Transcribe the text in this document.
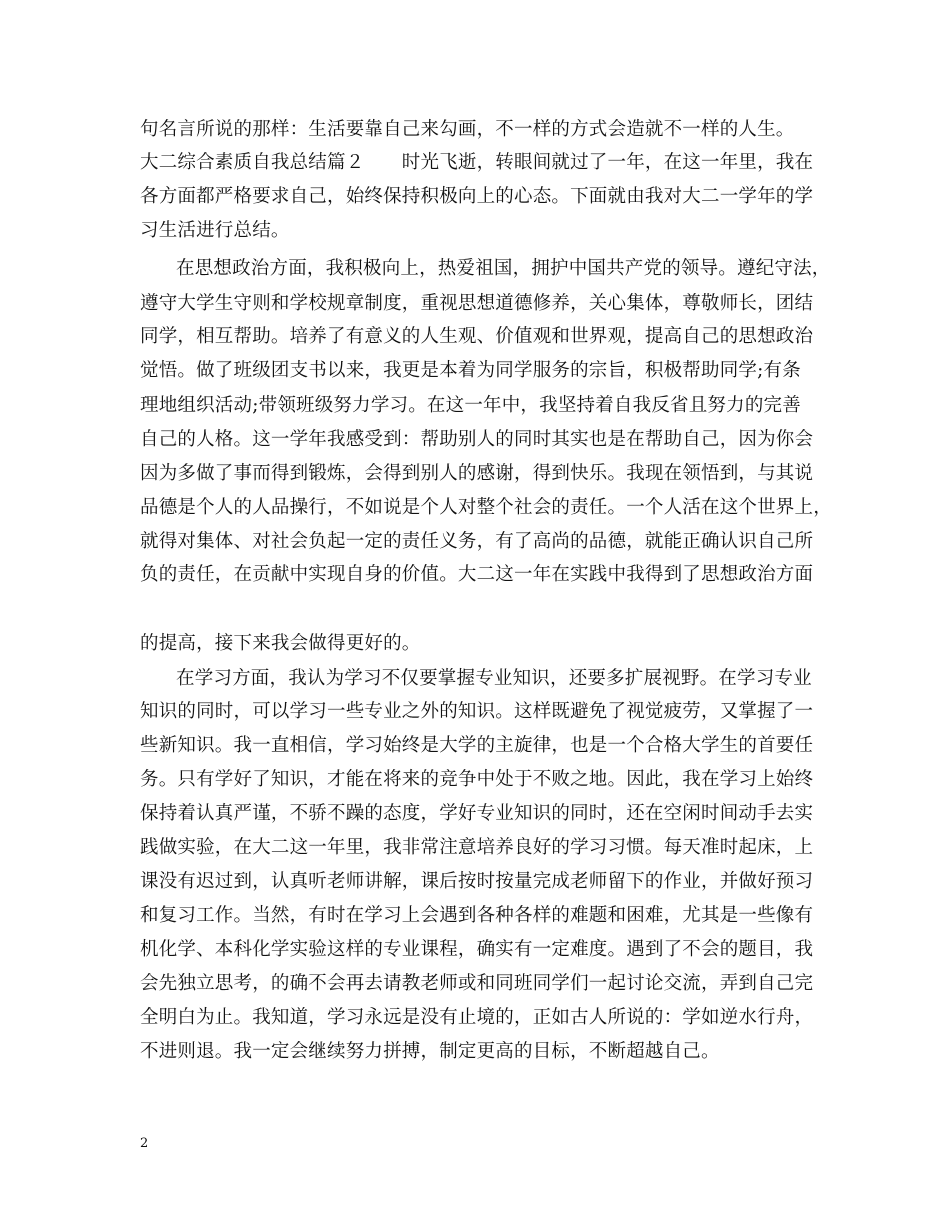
句名言所说的那样：生活要靠自己来勾画，不一样的方式会造就不一样的人生。
大二综合素质自我总结篇２　　时光飞逝，转眼间就过了一年，在这一年里，我在
各方面都严格要求自己，始终保持积极向上的心态。下面就由我对大二一学年的学
习生活进行总结。
在思想政治方面，我积极向上，热爱祖国，拥护中国共产党的领导。遵纪守法，
遵守大学生守则和学校规章制度，重视思想道德修养，关心集体，尊敬师长，团结
同学，相互帮助。培养了有意义的人生观、价值观和世界观，提高自己的思想政治
觉悟。做了班级团支书以来，我更是本着为同学服务的宗旨，积极帮助同学;有条
理地组织活动;带领班级努力学习。在这一年中，我坚持着自我反省且努力的完善
自己的人格。这一学年我感受到：帮助别人的同时其实也是在帮助自己，因为你会
因为多做了事而得到锻炼，会得到别人的感谢，得到快乐。我现在领悟到，与其说
品德是个人的人品操行，不如说是个人对整个社会的责任。一个人活在这个世界上，
就得对集体、对社会负起一定的责任义务，有了高尚的品德，就能正确认识自己所
负的责任，在贡献中实现自身的价值。大二这一年在实践中我得到了思想政治方面
的提高，接下来我会做得更好的。
在学习方面，我认为学习不仅要掌握专业知识，还要多扩展视野。在学习专业
知识的同时，可以学习一些专业之外的知识。这样既避免了视觉疲劳，又掌握了一
些新知识。我一直相信，学习始终是大学的主旋律，也是一个合格大学生的首要任
务。只有学好了知识，才能在将来的竞争中处于不败之地。因此，我在学习上始终
保持着认真严谨，不骄不躁的态度，学好专业知识的同时，还在空闲时间动手去实
践做实验，在大二这一年里，我非常注意培养良好的学习习惯。每天准时起床，上
课没有迟过到，认真听老师讲解，课后按时按量完成老师留下的作业，并做好预习
和复习工作。当然，有时在学习上会遇到各种各样的难题和困难，尤其是一些像有
机化学、本科化学实验这样的专业课程，确实有一定难度。遇到了不会的题目，我
会先独立思考，的确不会再去请教老师或和同班同学们一起讨论交流，弄到自己完
全明白为止。我知道，学习永远是没有止境的，正如古人所说的：学如逆水行舟，
不进则退。我一定会继续努力拼搏，制定更高的目标，不断超越自己。
2
